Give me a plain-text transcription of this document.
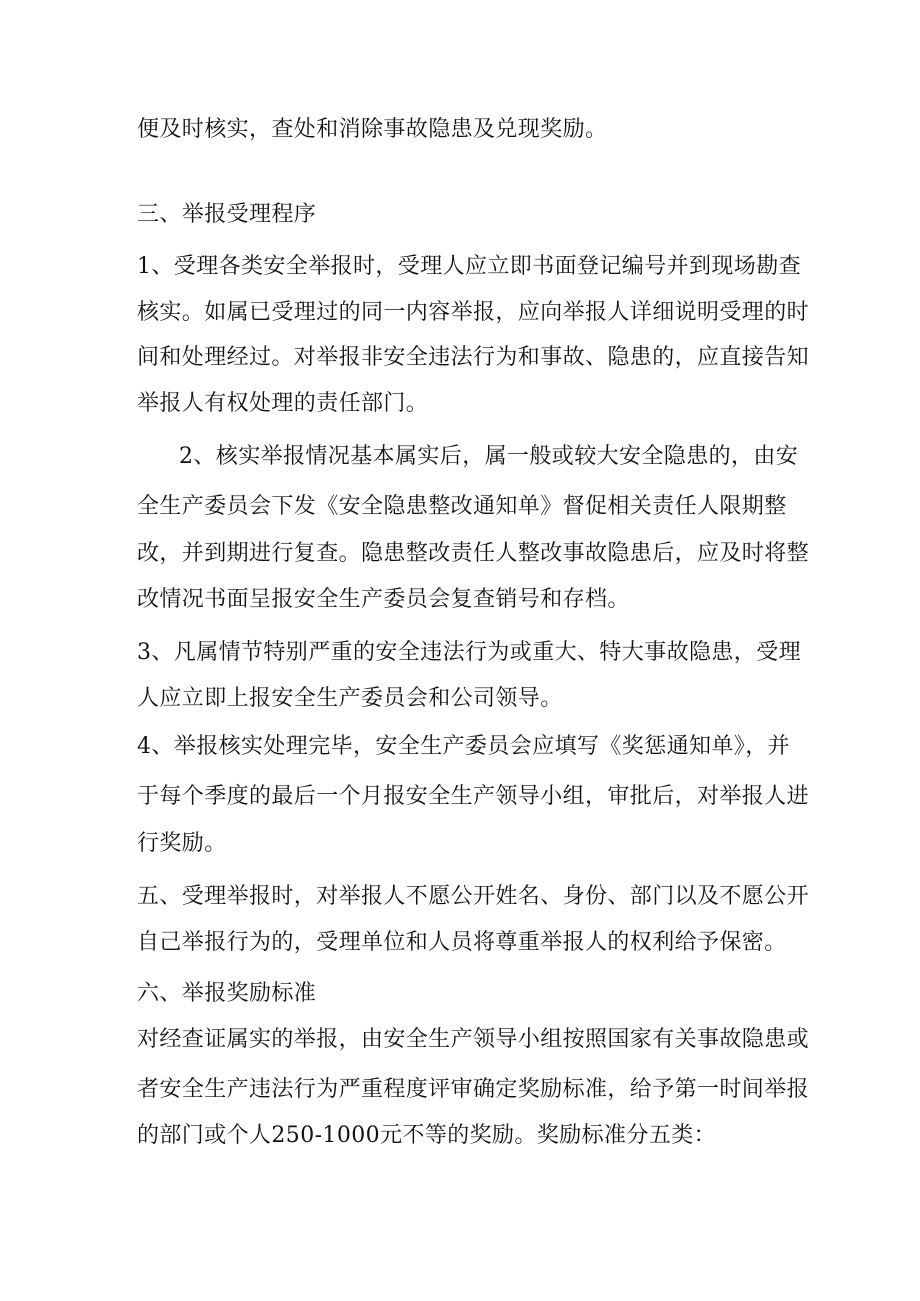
便及时核实，查处和消除事故隐患及兑现奖励。
三、举报受理程序
1、受理各类安全举报时，受理人应立即书面登记编号并到现场勘查
核实。如属已受理过的同一内容举报，应向举报人详细说明受理的时
间和处理经过。对举报非安全违法行为和事故、隐患的，应直接告知
举报人有权处理的责任部门。
2、核实举报情况基本属实后，属一般或较大安全隐患的，由安
全生产委员会下发《安全隐患整改通知单》督促相关责任人限期整
改，并到期进行复查。隐患整改责任人整改事故隐患后，应及时将整
改情况书面呈报安全生产委员会复查销号和存档。
3、凡属情节特别严重的安全违法行为或重大、特大事故隐患，受理
人应立即上报安全生产委员会和公司领导。
4、举报核实处理完毕，安全生产委员会应填写《奖惩通知单》，并
于每个季度的最后一个月报安全生产领导小组，审批后，对举报人进
行奖励。
五、受理举报时，对举报人不愿公开姓名、身份、部门以及不愿公开
自己举报行为的，受理单位和人员将尊重举报人的权利给予保密。
六、举报奖励标准
对经查证属实的举报，由安全生产领导小组按照国家有关事故隐患或
者安全生产违法行为严重程度评审确定奖励标准，给予第一时间举报
的部门或个人250-1000元不等的奖励。奖励标准分五类：
